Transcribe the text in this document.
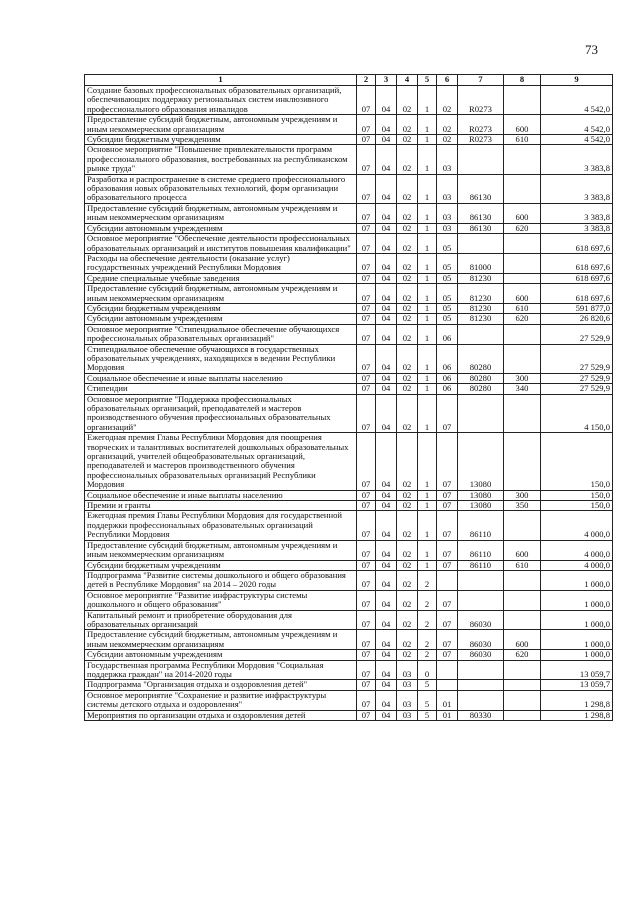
73
1	2	3	4	5	6	7	8	9
Создание базовых профессиональных образовательных организаций, обеспечивающих поддержку региональных систем инклюзивного профессионального образования инвалидов	07	04	02	1	02	R0273		4 542,0
Предоставление субсидий бюджетным, автономным учреждениям и иным некоммерческим организациям	07	04	02	1	02	R0273	600	4 542,0
Субсидии бюджетным учреждениям	07	04	02	1	02	R0273	610	4 542,0
Основное мероприятие "Повышение привлекательности программ профессионального образования, востребованных на республиканском рынке труда"	07	04	02	1	03			3 383,8
Разработка и распространение в системе среднего профессионального образования новых образовательных технологий, форм организации образовательного процесса	07	04	02	1	03	86130		3 383,8
Предоставление субсидий бюджетным, автономным учреждениям и иным некоммерческим организациям	07	04	02	1	03	86130	600	3 383,8
Субсидии автономным учреждениям	07	04	02	1	03	86130	620	3 383,8
Основное мероприятие "Обеспечение деятельности профессиональных образовательных организаций и институтов повышения квалификации"	07	04	02	1	05			618 697,6
Расходы на обеспечение деятельности (оказание услуг) государственных учреждений Республики Мордовия	07	04	02	1	05	81000		618 697,6
Средние специальные учебные заведения	07	04	02	1	05	81230		618 697,6
Предоставление субсидий бюджетным, автономным учреждениям и иным некоммерческим организациям	07	04	02	1	05	81230	600	618 697,6
Субсидии бюджетным учреждениям	07	04	02	1	05	81230	610	591 877,0
Субсидии автономным учреждениям	07	04	02	1	05	81230	620	26 820,6
Основное мероприятие "Стипендиальное обеспечение обучающихся профессиональных образовательных организаций"	07	04	02	1	06			27 529,9
Стипендиальное обеспечение обучающихся в государственных образовательных учреждениях, находящихся в ведении Республики Мордовия	07	04	02	1	06	80280		27 529,9
Социальное обеспечение и иные выплаты населению	07	04	02	1	06	80280	300	27 529,9
Стипендии	07	04	02	1	06	80280	340	27 529,9
Основное мероприятие "Поддержка профессиональных образовательных организаций, преподавателей и мастеров производственного обучения профессиональных образовательных организаций"	07	04	02	1	07			4 150,0
Ежегодная премия Главы Республики Мордовия для поощрения творческих и талантливых воспитателей дошкольных образовательных организаций, учителей общеобразовательных организаций, преподавателей и мастеров производственного обучения профессиональных образовательных организаций Республики Мордовия	07	04	02	1	07	13080		150,0
Социальное обеспечение и иные выплаты населению	07	04	02	1	07	13080	300	150,0
Премии и гранты	07	04	02	1	07	13080	350	150,0
Ежегодная премия Главы Республики Мордовия для государственной поддержки профессиональных образовательных организаций Республики Мордовия	07	04	02	1	07	86110		4 000,0
Предоставление субсидий бюджетным, автономным учреждениям и иным некоммерческим организациям	07	04	02	1	07	86110	600	4 000,0
Субсидии бюджетным учреждениям	07	04	02	1	07	86110	610	4 000,0
Подпрограмма "Развитие системы дошкольного и общего образования детей в Республике Мордовия" на 2014 – 2020 годы	07	04	02	2				1 000,0
Основное мероприятие "Развитие инфраструктуры системы дошкольного и общего образования"	07	04	02	2	07			1 000,0
Капитальный ремонт и приобретение оборудования для образовательных организаций	07	04	02	2	07	86030		1 000,0
Предоставление субсидий бюджетным, автономным учреждениям и иным некоммерческим организациям	07	04	02	2	07	86030	600	1 000,0
Субсидии автономным учреждениям	07	04	02	2	07	86030	620	1 000,0
Государственная программа Республики Мордовия "Социальная поддержка граждан" на 2014-2020 годы	07	04	03	0				13 059,7
Подпрограмма "Организация отдыха и оздоровления детей"	07	04	03	5				13 059,7
Основное мероприятие "Сохранение и развитие инфраструктуры системы детского отдыха и оздоровления"	07	04	03	5	01			1 298,8
Мероприятия по организации отдыха и оздоровления детей	07	04	03	5	01	80330		1 298,8
